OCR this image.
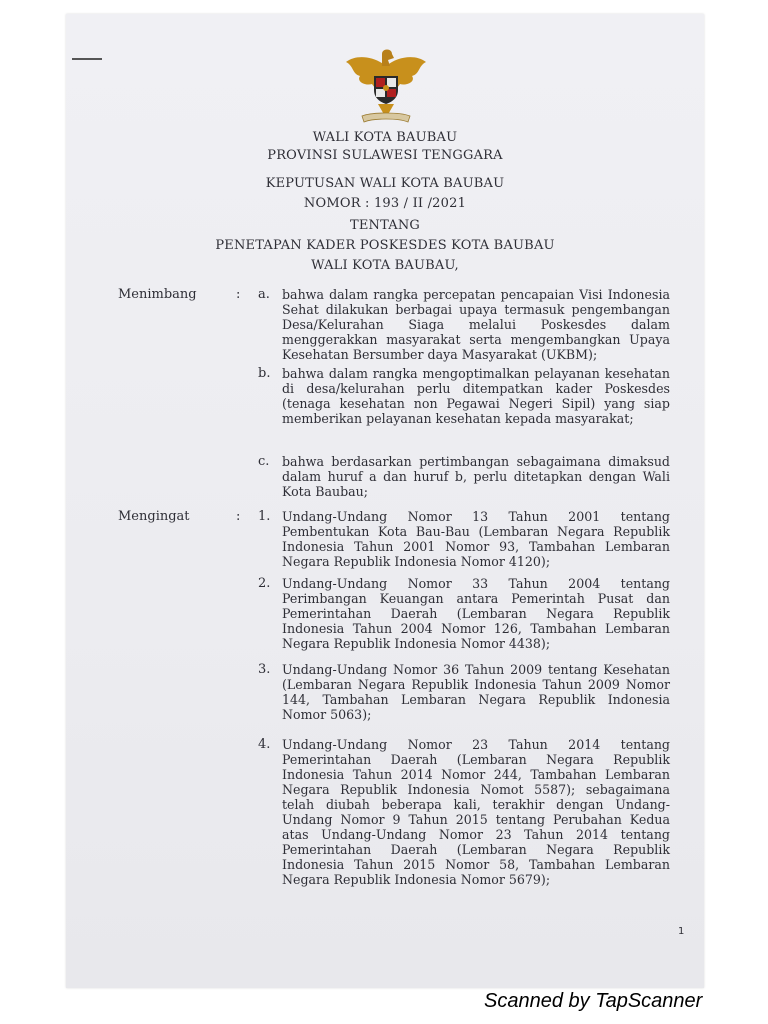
WALI KOTA BAUBAU
PROVINSI SULAWESI TENGGARA
KEPUTUSAN WALI KOTA BAUBAU
NOMOR : 193 / II /2021
TENTANG
PENETAPAN KADER POSKESDES KOTA BAUBAU
WALI KOTA BAUBAU,
Menimbang	: a. bahwa dalam rangka percepatan pencapaian Visi Indonesia Sehat dilakukan berbagai upaya termasuk pengembangan Desa/Kelurahan Siaga melalui Poskesdes dalam menggerakkan masyarakat serta mengembangkan Upaya Kesehatan Bersumber daya Masyarakat (UKBM);
b. bahwa dalam rangka mengoptimalkan pelayanan kesehatan di desa/kelurahan perlu ditempatkan kader Poskesdes (tenaga kesehatan non Pegawai Negeri Sipil) yang siap memberikan pelayanan kesehatan kepada masyarakat;
c. bahwa berdasarkan pertimbangan sebagaimana dimaksud dalam huruf a dan huruf b, perlu ditetapkan dengan Wali Kota Baubau;
Mengingat	: 1. Undang-Undang Nomor 13 Tahun 2001 tentang Pembentukan Kota Bau-Bau (Lembaran Negara Republik Indonesia Tahun 2001 Nomor 93, Tambahan Lembaran Negara Republik Indonesia Nomor 4120);
2. Undang-Undang Nomor 33 Tahun 2004 tentang Perimbangan Keuangan antara Pemerintah Pusat dan Pemerintahan Daerah (Lembaran Negara Republik Indonesia Tahun 2004 Nomor 126, Tambahan Lembaran Negara Republik Indonesia Nomor 4438);
3. Undang-Undang Nomor 36 Tahun 2009 tentang Kesehatan (Lembaran Negara Republik Indonesia Tahun 2009 Nomor 144, Tambahan Lembaran Negara Republik Indonesia Nomor 5063);
4. Undang-Undang Nomor 23 Tahun 2014 tentang Pemerintahan Daerah (Lembaran Negara Republik Indonesia Tahun 2014 Nomor 244, Tambahan Lembaran Negara Republik Indonesia Nomot 5587); sebagaimana telah diubah beberapa kali, terakhir dengan Undang-Undang Nomor 9 Tahun 2015 tentang Perubahan Kedua atas Undang-Undang Nomor 23 Tahun 2014 tentang Pemerintahan Daerah (Lembaran Negara Republik Indonesia Tahun 2015 Nomor 58, Tambahan Lembaran Negara Republik Indonesia Nomor 5679);
1
Scanned by TapScanner
